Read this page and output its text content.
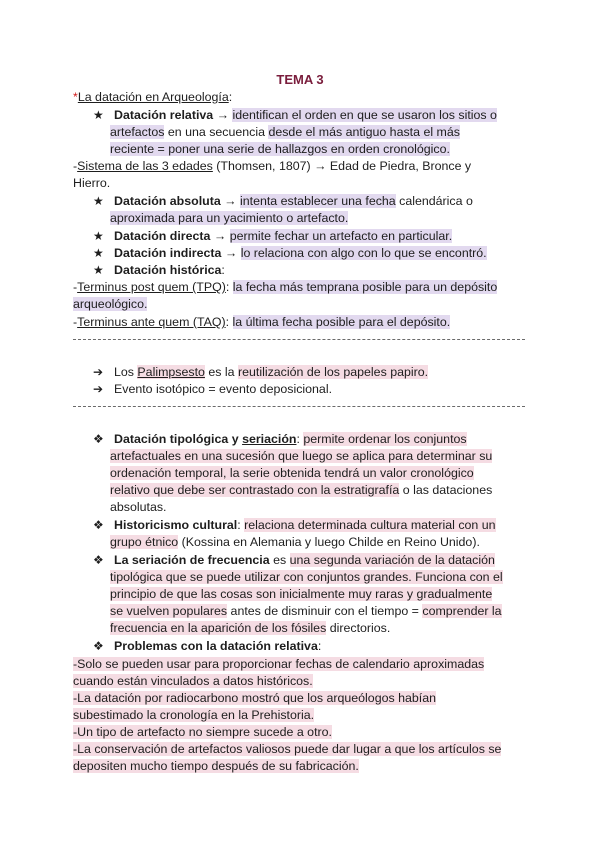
TEMA 3
*La datación en Arqueología:
★ Datación relativa → identifican el orden en que se usaron los sitios o
artefactos en una secuencia desde el más antiguo hasta el más
reciente = poner una serie de hallazgos en orden cronológico.
-Sistema de las 3 edades (Thomsen, 1807) → Edad de Piedra, Bronce y
Hierro.
★ Datación absoluta → intenta establecer una fecha calendárica o
aproximada para un yacimiento o artefacto.
★ Datación directa → permite fechar un artefacto en particular.
★ Datación indirecta → lo relaciona con algo con lo que se encontró.
★ Datación histórica:
-Terminus post quem (TPQ): la fecha más temprana posible para un depósito
arqueológico.
-Terminus ante quem (TAQ): la última fecha posible para el depósito.
➔ Los Palimpsesto es la reutilización de los papeles papiro.
➔ Evento isotópico = evento deposicional.
❖ Datación tipológica y seriación: permite ordenar los conjuntos
artefactuales en una sucesión que luego se aplica para determinar su
ordenación temporal, la serie obtenida tendrá un valor cronológico
relativo que debe ser contrastado con la estratigrafía o las dataciones
absolutas.
❖ Historicismo cultural: relaciona determinada cultura material con un
grupo étnico (Kossina en Alemania y luego Childe en Reino Unido).
❖ La seriación de frecuencia es una segunda variación de la datación
tipológica que se puede utilizar con conjuntos grandes. Funciona con el
principio de que las cosas son inicialmente muy raras y gradualmente
se vuelven populares antes de disminuir con el tiempo = comprender la
frecuencia en la aparición de los fósiles directorios.
❖ Problemas con la datación relativa:
-Solo se pueden usar para proporcionar fechas de calendario aproximadas
cuando están vinculados a datos históricos.
-La datación por radiocarbono mostró que los arqueólogos habían
subestimado la cronología en la Prehistoria.
-Un tipo de artefacto no siempre sucede a otro.
-La conservación de artefactos valiosos puede dar lugar a que los artículos se
depositen mucho tiempo después de su fabricación.
